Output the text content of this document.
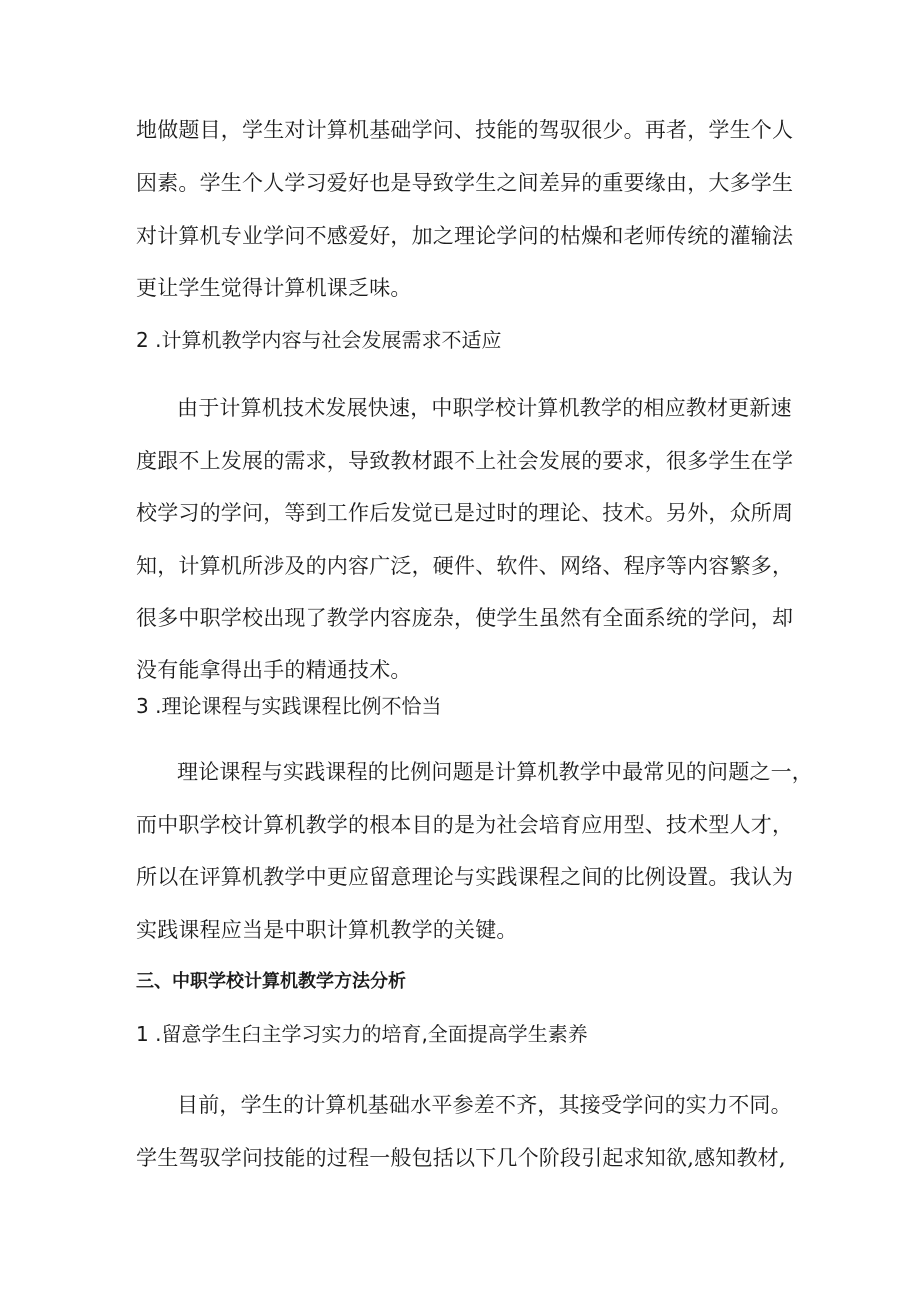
地做题目，学生对计算机基础学问、技能的驾驭很少。再者，学生个人
因素。学生个人学习爱好也是导致学生之间差异的重要缘由，大多学生
对计算机专业学问不感爱好，加之理论学问的枯燥和老师传统的灌输法
更让学生觉得计算机课乏味。
2 .计算机教学内容与社会发展需求不适应
由于计算机技术发展快速，中职学校计算机教学的相应教材更新速
度跟不上发展的需求，导致教材跟不上社会发展的要求，很多学生在学
校学习的学问，等到工作后发觉已是过时的理论、技术。另外，众所周
知，计算机所涉及的内容广泛，硬件、软件、网络、程序等内容繁多，
很多中职学校出现了教学内容庞杂，使学生虽然有全面系统的学问，却
没有能拿得出手的精通技术。
3 .理论课程与实践课程比例不恰当
理论课程与实践课程的比例问题是计算机教学中最常见的问题之一，
而中职学校计算机教学的根本目的是为社会培育应用型、技术型人才，
所以在评算机教学中更应留意理论与实践课程之间的比例设置。我认为
实践课程应当是中职计算机教学的关键。
三、中职学校计算机教学方法分析
1 .留意学生臼主学习实力的培育,全面提高学生素养
目前，学生的计算机基础水平参差不齐，其接受学问的实力不同。
学生驾驭学问技能的过程一般包括以下几个阶段引起求知欲,感知教材,
